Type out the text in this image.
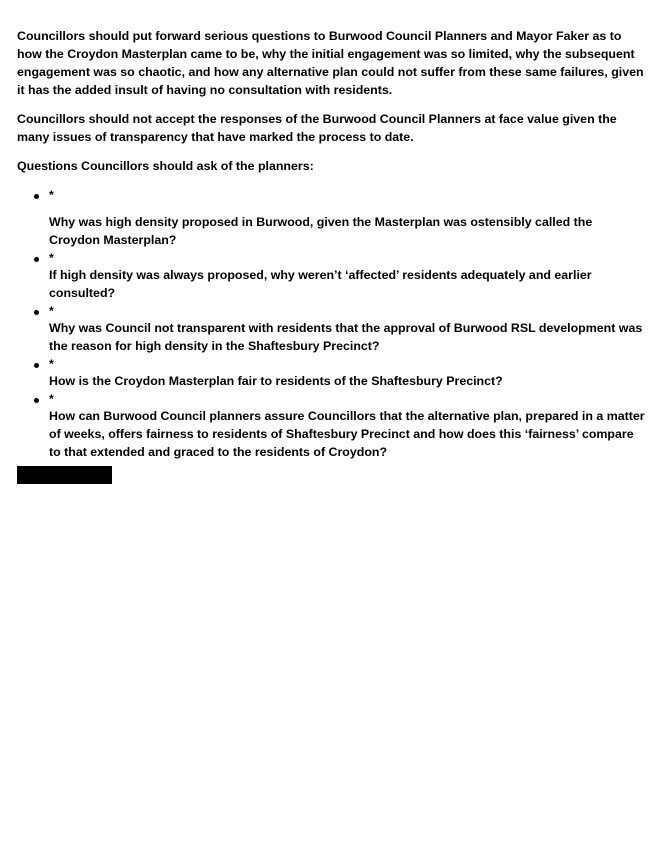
Councillors should put forward serious questions to Burwood Council Planners and Mayor Faker as to how the Croydon Masterplan came to be, why the initial engagement was so limited, why the subsequent engagement was so chaotic, and how any alternative plan could not suffer from these same failures, given it has the added insult of having no consultation with residents.

Councillors should not accept the responses of the Burwood Council Planners at face value given the many issues of transparency that have marked the process to date.

Questions Councillors should ask of the planners:

*
Why was high density proposed in Burwood, given the Masterplan was ostensibly called the Croydon Masterplan?
*
If high density was always proposed, why weren’t ‘affected’ residents adequately and earlier consulted?
*
Why was Council not transparent with residents that the approval of Burwood RSL development was the reason for high density in the Shaftesbury Precinct?
*
How is the Croydon Masterplan fair to residents of the Shaftesbury Precinct?
*
How can Burwood Council planners assure Councillors that the alternative plan, prepared in a matter of weeks, offers fairness to residents of Shaftesbury Precinct and how does this ‘fairness’ compare to that extended and graced to the residents of Croydon?
